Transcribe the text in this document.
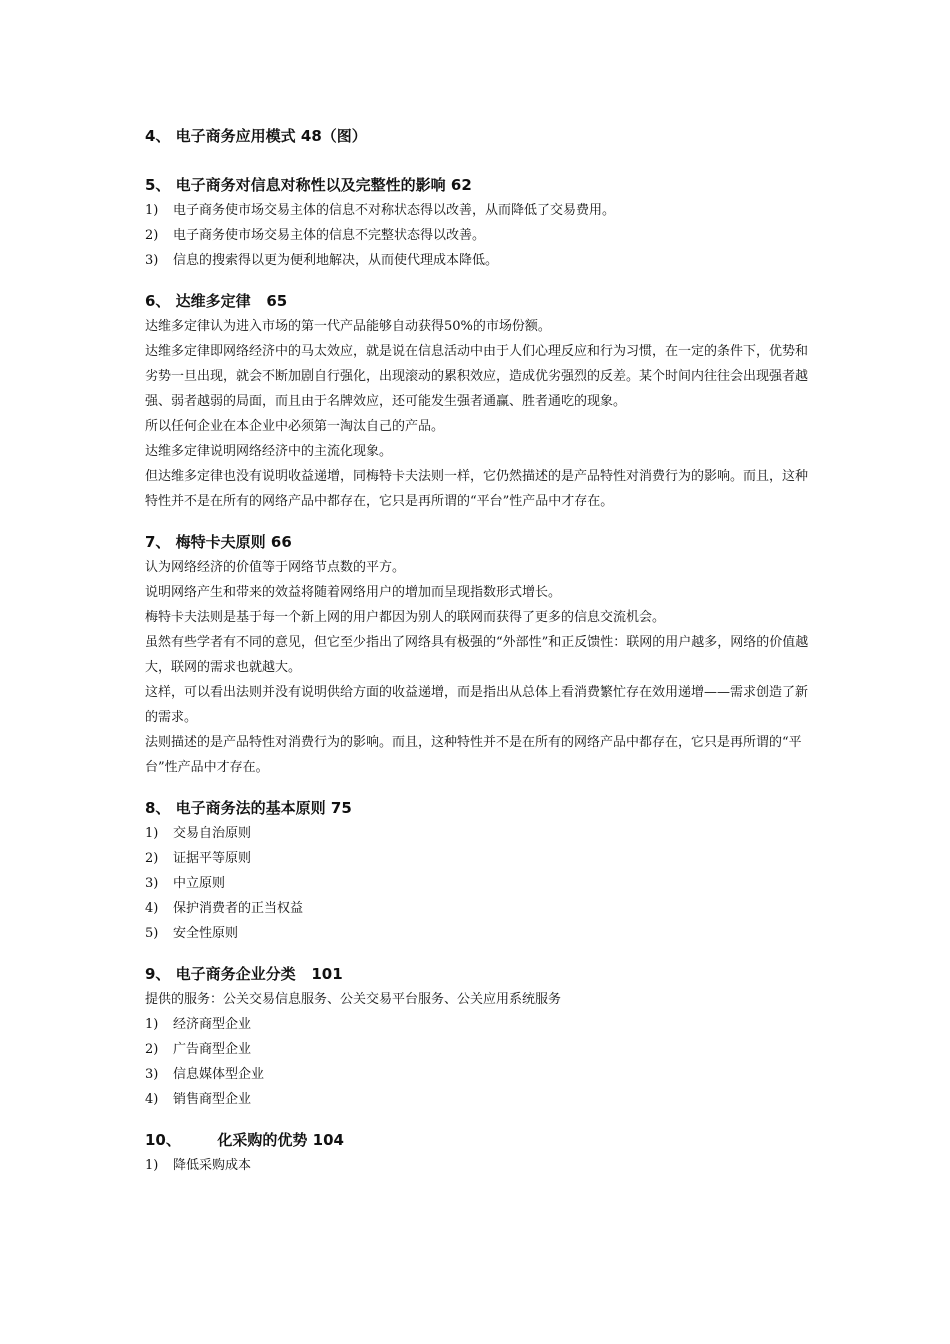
4、 电子商务应用模式 48（图）
5、 电子商务对信息对称性以及完整性的影响 62
1) 电子商务使市场交易主体的信息不对称状态得以改善，从而降低了交易费用。
2) 电子商务使市场交易主体的信息不完整状态得以改善。
3) 信息的搜索得以更为便利地解决，从而使代理成本降低。
6、 达维多定律   65
达维多定律认为进入市场的第一代产品能够自动获得50%的市场份额。
达维多定律即网络经济中的马太效应，就是说在信息活动中由于人们心理反应和行为习惯，在一定的条件下，优势和劣势一旦出现，就会不断加剧自行强化，出现滚动的累积效应，造成优劣强烈的反差。某个时间内往往会出现强者越强、弱者越弱的局面，而且由于名牌效应，还可能发生强者通赢、胜者通吃的现象。
所以任何企业在本企业中必须第一淘汰自己的产品。
达维多定律说明网络经济中的主流化现象。
但达维多定律也没有说明收益递增，同梅特卡夫法则一样，它仍然描述的是产品特性对消费行为的影响。而且，这种特性并不是在所有的网络产品中都存在，它只是再所谓的“平台”性产品中才存在。
7、 梅特卡夫原则 66
认为网络经济的价值等于网络节点数的平方。
说明网络产生和带来的效益将随着网络用户的增加而呈现指数形式增长。
梅特卡夫法则是基于每一个新上网的用户都因为别人的联网而获得了更多的信息交流机会。
虽然有些学者有不同的意见，但它至少指出了网络具有极强的“外部性”和正反馈性：联网的用户越多，网络的价值越大，联网的需求也就越大。
这样，可以看出法则并没有说明供给方面的收益递增，而是指出从总体上看消费繁忙存在效用递增——需求创造了新的需求。
法则描述的是产品特性对消费行为的影响。而且，这种特性并不是在所有的网络产品中都存在，它只是再所谓的“平台”性产品中才存在。
8、 电子商务法的基本原则 75
1) 交易自治原则
2) 证据平等原则
3) 中立原则
4) 保护消费者的正当权益
5) 安全性原则
9、 电子商务企业分类   101
提供的服务：公关交易信息服务、公关交易平台服务、公关应用系统服务
1) 经济商型企业
2) 广告商型企业
3) 信息媒体型企业
4) 销售商型企业
10、       化采购的优势 104
1) 降低采购成本
